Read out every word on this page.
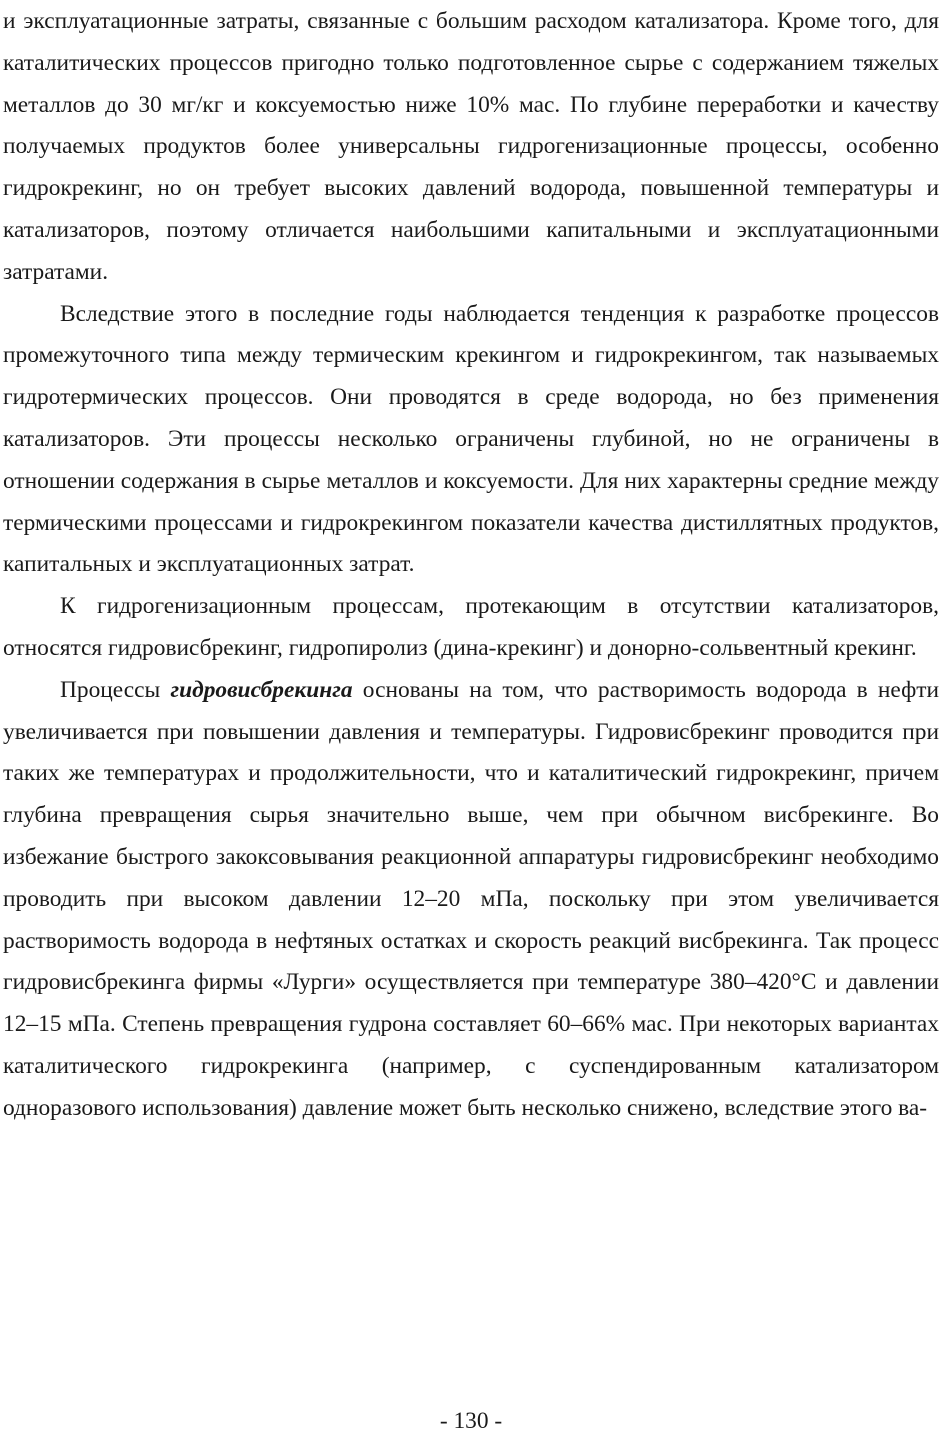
и эксплуатационные затраты, связанные с большим расходом катализатора. Кроме того, для каталитических процессов пригодно только подготовленное сырье с содержанием тяжелых металлов до 30 мг/кг и коксуемостью ниже 10% мас. По глубине переработки и качеству получаемых продуктов более универсальны гидрогенизационные процессы, особенно гидрокрекинг, но он требует высоких давлений водорода, повышенной температуры и катализаторов, поэтому отличается наибольшими капитальными и эксплуатационными затратами.

Вследствие этого в последние годы наблюдается тенденция к разработке процессов промежуточного типа между термическим крекингом и гидрокрекингом, так называемых гидротермических процессов. Они проводятся в среде водорода, но без применения катализаторов. Эти процессы несколько ограничены глубиной, но не ограничены в отношении содержания в сырье металлов и коксуемости. Для них характерны средние между термическими процессами и гидрокрекингом показатели качества дистиллятных продуктов, капитальных и эксплуатационных затрат.

К гидрогенизационным процессам, протекающим в отсутствии катализаторов, относятся гидровисбрекинг, гидропиролиз (дина-крекинг) и донорно-сольвентный крекинг.

Процессы гидровисбрекинга основаны на том, что растворимость водорода в нефти увеличивается при повышении давления и температуры. Гидровисбрекинг проводится при таких же температурах и продолжительности, что и каталитический гидрокрекинг, причем глубина превращения сырья значительно выше, чем при обычном висбрекинге. Во избежание быстрого закоксовывания реакционной аппаратуры гидровисбрекинг необходимо проводить при высоком давлении 12–20 мПа, поскольку при этом увеличивается растворимость водорода в нефтяных остатках и скорость реакций висбрекинга. Так процесс гидровисбрекинга фирмы «Лурги» осуществляется при температуре 380–420°С и давлении 12–15 мПа. Степень превращения гудрона составляет 60–66% мас. При некоторых вариантах каталитического гидрокрекинга (например, с суспендированным катализатором одноразового использования) давление может быть несколько снижено, вследствие этого ва-

- 130 -
